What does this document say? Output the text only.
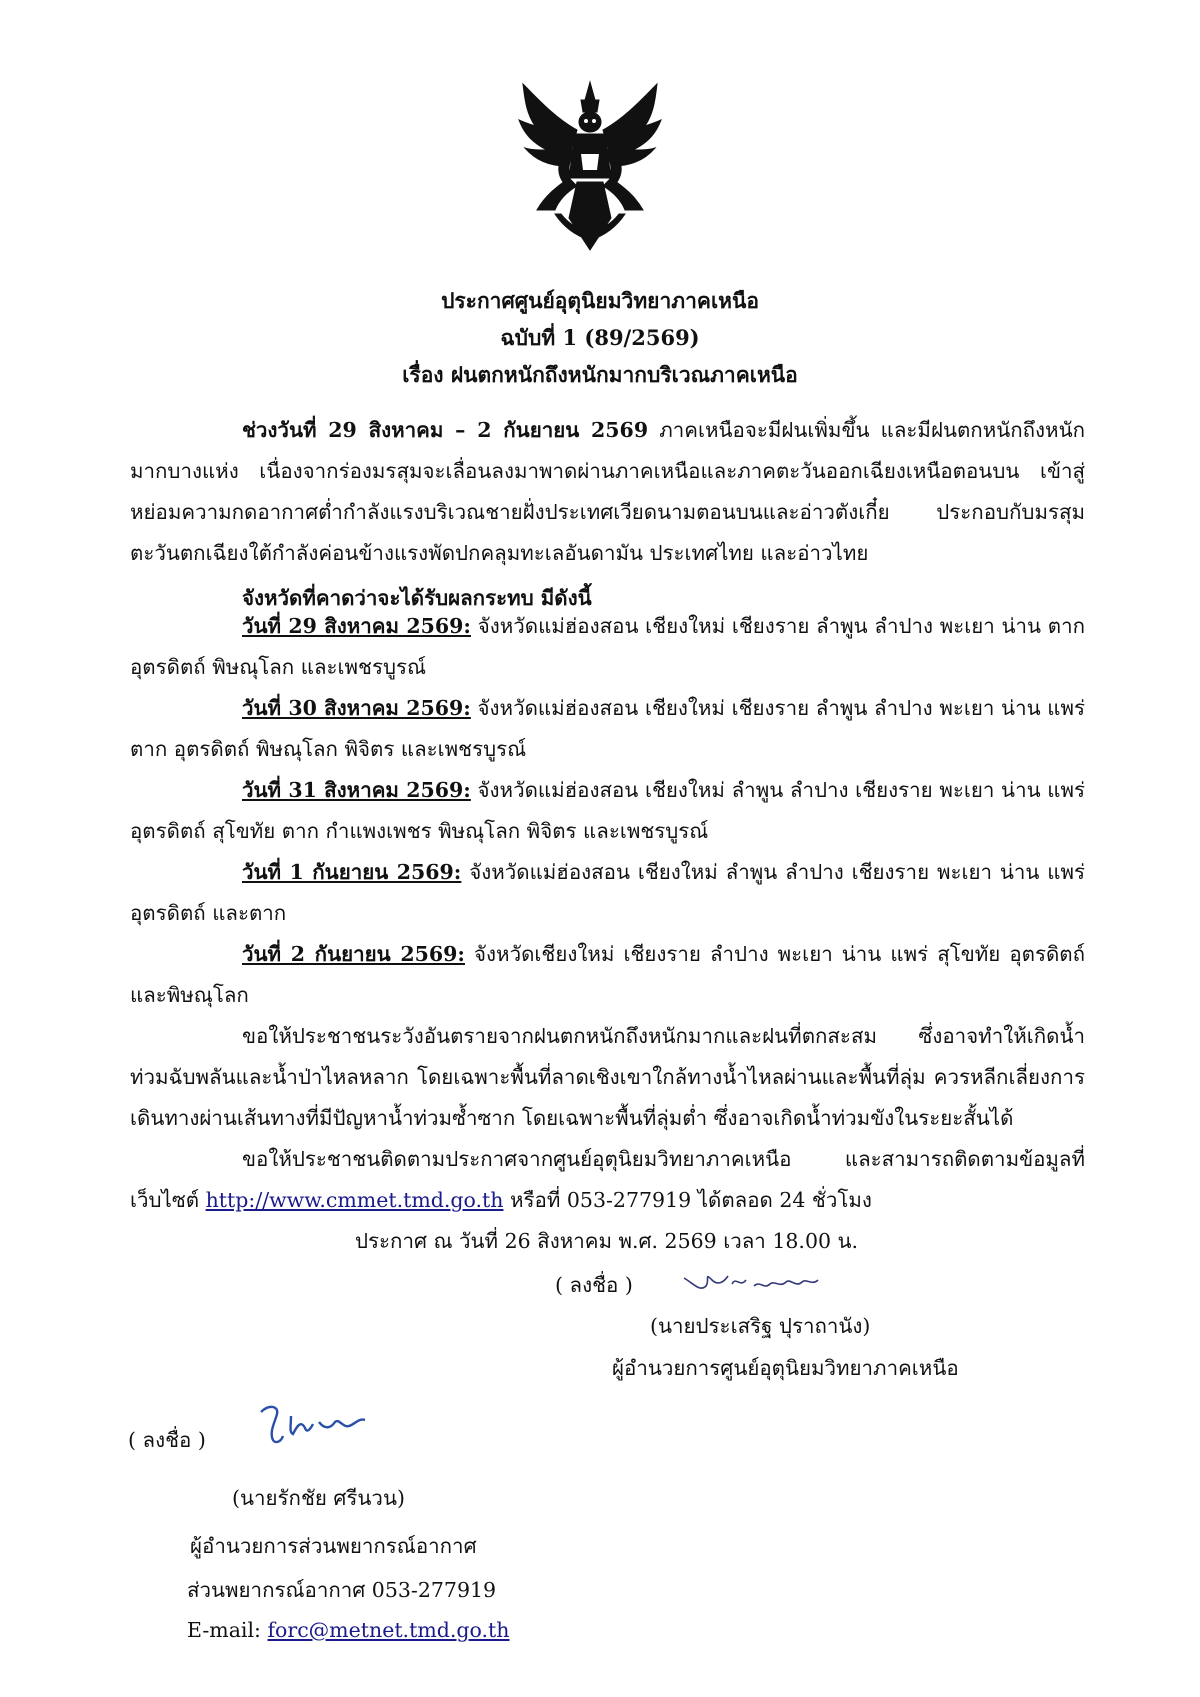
ประกาศศูนย์อุตุนิยมวิทยาภาคเหนือ
ฉบับที่ 1 (89/2569)
เรื่อง ฝนตกหนักถึงหนักมากบริเวณภาคเหนือ

ช่วงวันที่ 29 สิงหาคม – 2 กันยายน 2569 ภาคเหนือจะมีฝนเพิ่มขึ้น และมีฝนตกหนักถึงหนักมากบางแห่ง เนื่องจากร่องมรสุมจะเลื่อนลงมาพาดผ่านภาคเหนือและภาคตะวันออกเฉียงเหนือตอนบน เข้าสู่หย่อมความกดอากาศต่ำกำลังแรงบริเวณชายฝั่งประเทศเวียดนามตอนบนและอ่าวตังเกี๋ย ประกอบกับมรสุมตะวันตกเฉียงใต้กำลังค่อนข้างแรงพัดปกคลุมทะเลอันดามัน ประเทศไทย และอ่าวไทย

จังหวัดที่คาดว่าจะได้รับผลกระทบ มีดังนี้

วันที่ 29 สิงหาคม 2569: จังหวัดแม่ฮ่องสอน เชียงใหม่ เชียงราย ลำพูน ลำปาง พะเยา น่าน ตาก อุตรดิตถ์ พิษณุโลก และเพชรบูรณ์

วันที่ 30 สิงหาคม 2569: จังหวัดแม่ฮ่องสอน เชียงใหม่ เชียงราย ลำพูน ลำปาง พะเยา น่าน แพร่ ตาก อุตรดิตถ์ พิษณุโลก พิจิตร และเพชรบูรณ์

วันที่ 31 สิงหาคม 2569: จังหวัดแม่ฮ่องสอน เชียงใหม่ ลำพูน ลำปาง เชียงราย พะเยา น่าน แพร่ อุตรดิตถ์ สุโขทัย ตาก กำแพงเพชร พิษณุโลก พิจิตร และเพชรบูรณ์

วันที่ 1 กันยายน 2569: จังหวัดแม่ฮ่องสอน เชียงใหม่ ลำพูน ลำปาง เชียงราย พะเยา น่าน แพร่ อุตรดิตถ์ และตาก

วันที่ 2 กันยายน 2569: จังหวัดเชียงใหม่ เชียงราย ลำปาง พะเยา น่าน แพร่ สุโขทัย อุตรดิตถ์ และพิษณุโลก

ขอให้ประชาชนระวังอันตรายจากฝนตกหนักถึงหนักมากและฝนที่ตกสะสม ซึ่งอาจทำให้เกิดน้ำท่วมฉับพลันและน้ำป่าไหลหลาก โดยเฉพาะพื้นที่ลาดเชิงเขาใกล้ทางน้ำไหลผ่านและพื้นที่ลุ่ม ควรหลีกเลี่ยงการเดินทางผ่านเส้นทางที่มีปัญหาน้ำท่วมซ้ำซาก โดยเฉพาะพื้นที่ลุ่มต่ำ ซึ่งอาจเกิดน้ำท่วมขังในระยะสั้นได้

ขอให้ประชาชนติดตามประกาศจากศูนย์อุตุนิยมวิทยาภาคเหนือ และสามารถติดตามข้อมูลที่เว็บไซต์ http://www.cmmet.tmd.go.th หรือที่ 053-277919 ได้ตลอด 24 ชั่วโมง

ประกาศ ณ วันที่ 26 สิงหาคม พ.ศ. 2569 เวลา 18.00 น.
( ลงชื่อ )
(นายประเสริฐ ปุราถานัง)
ผู้อำนวยการศูนย์อุตุนิยมวิทยาภาคเหนือ
( ลงชื่อ )
(นายรักชัย ศรีนวน)
ผู้อำนวยการส่วนพยากรณ์อากาศ
ส่วนพยากรณ์อากาศ 053-277919
E-mail: forc@metnet.tmd.go.th
